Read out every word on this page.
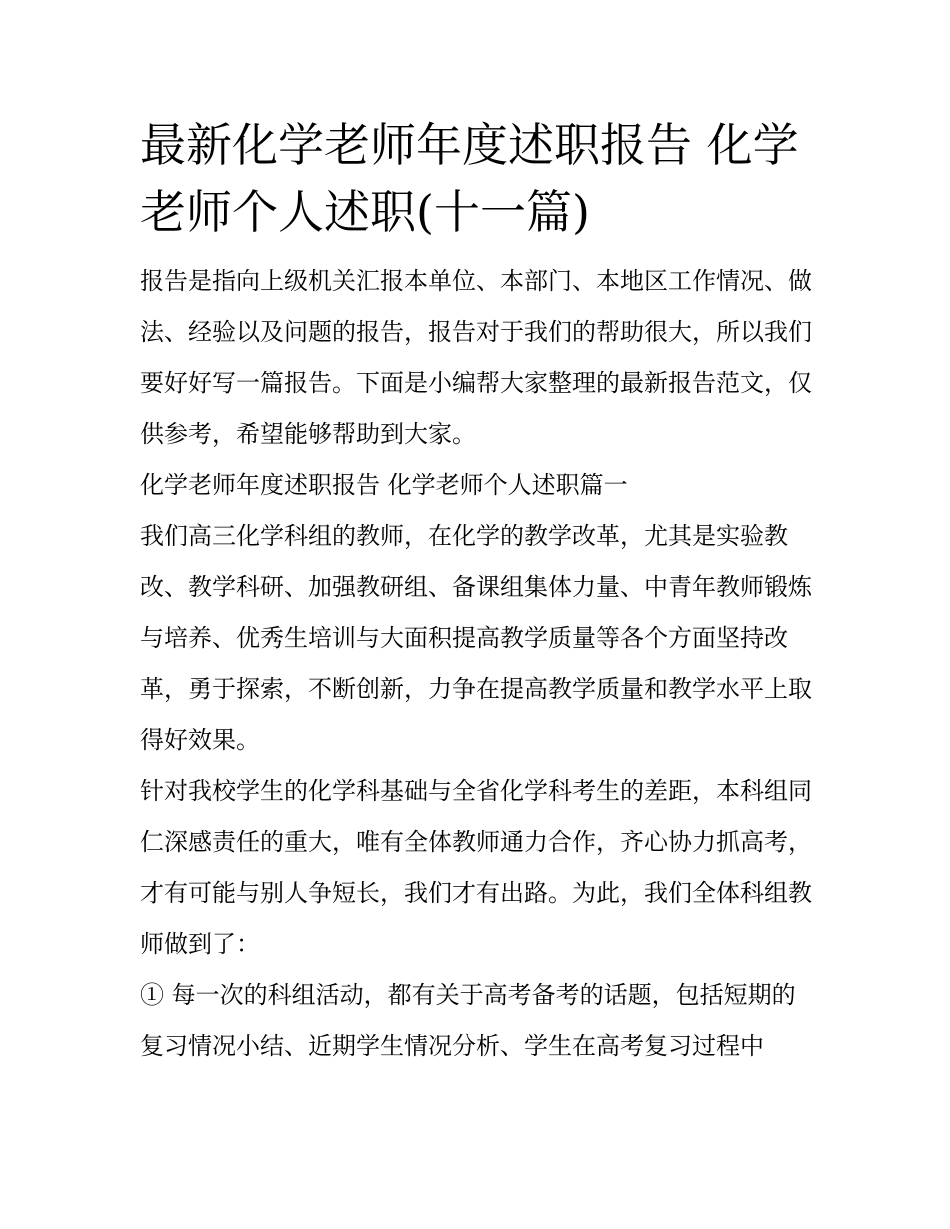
最新化学老师年度述职报告 化学老师个人述职(十一篇)

报告是指向上级机关汇报本单位、本部门、本地区工作情况、做法、经验以及问题的报告，报告对于我们的帮助很大，所以我们要好好写一篇报告。下面是小编帮大家整理的最新报告范文，仅供参考，希望能够帮助到大家。

化学老师年度述职报告 化学老师个人述职篇一

我们高三化学科组的教师，在化学的教学改革，尤其是实验教改、教学科研、加强教研组、备课组集体力量、中青年教师锻炼与培养、优秀生培训与大面积提高教学质量等各个方面坚持改革，勇于探索，不断创新，力争在提高教学质量和教学水平上取得好效果。

针对我校学生的化学科基础与全省化学科考生的差距，本科组同仁深感责任的重大，唯有全体教师通力合作，齐心协力抓高考，才有可能与别人争短长，我们才有出路。为此，我们全体科组教师做到了：

① 每一次的科组活动，都有关于高考备考的话题，包括短期的复习情况小结、近期学生情况分析、学生在高考复习过程中
